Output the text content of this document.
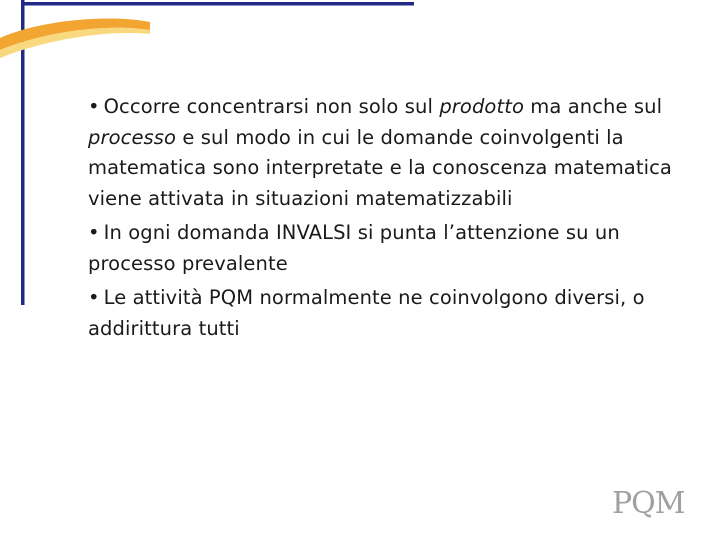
• Occorre concentrarsi non solo sul prodotto ma anche sul processo e sul modo in cui le domande coinvolgenti la matematica sono interpretate e la conoscenza matematica viene attivata in situazioni matematizzabili

• In ogni domanda INVALSI si punta l’attenzione su un processo prevalente

• Le attività PQM normalmente ne coinvolgono diversi, o addirittura tutti

PQM
